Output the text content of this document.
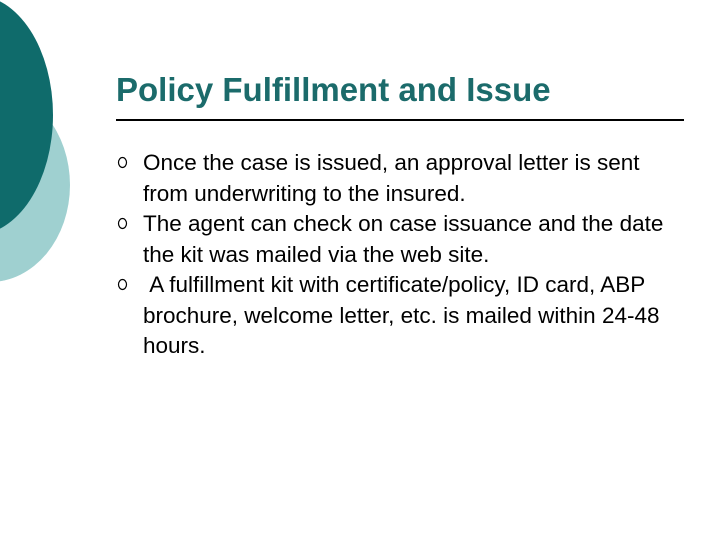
Policy Fulfillment and Issue
Once the case is issued, an approval letter is sent from underwriting to the insured.
The agent can check on case issuance and the date the kit was mailed via the web site.
A fulfillment kit with certificate/policy, ID card, ABP brochure, welcome letter, etc. is mailed within 24-48 hours.
